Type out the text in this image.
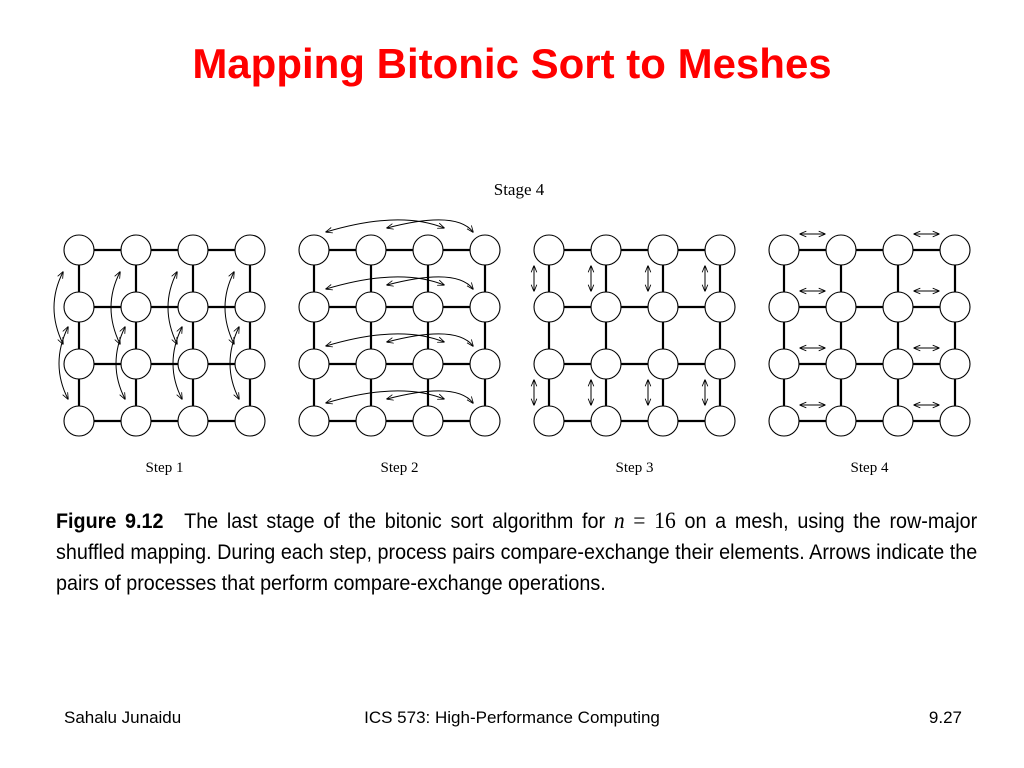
Mapping Bitonic Sort to Meshes
Stage 4
Step 1	Step 2	Step 3	Step 4
Figure 9.12 The last stage of the bitonic sort algorithm for n = 16 on a mesh, using the row-major shuffled mapping. During each step, process pairs compare-exchange their elements. Arrows indicate the pairs of processes that perform compare-exchange operations.
Sahalu Junaidu	ICS 573: High-Performance Computing	9.27
